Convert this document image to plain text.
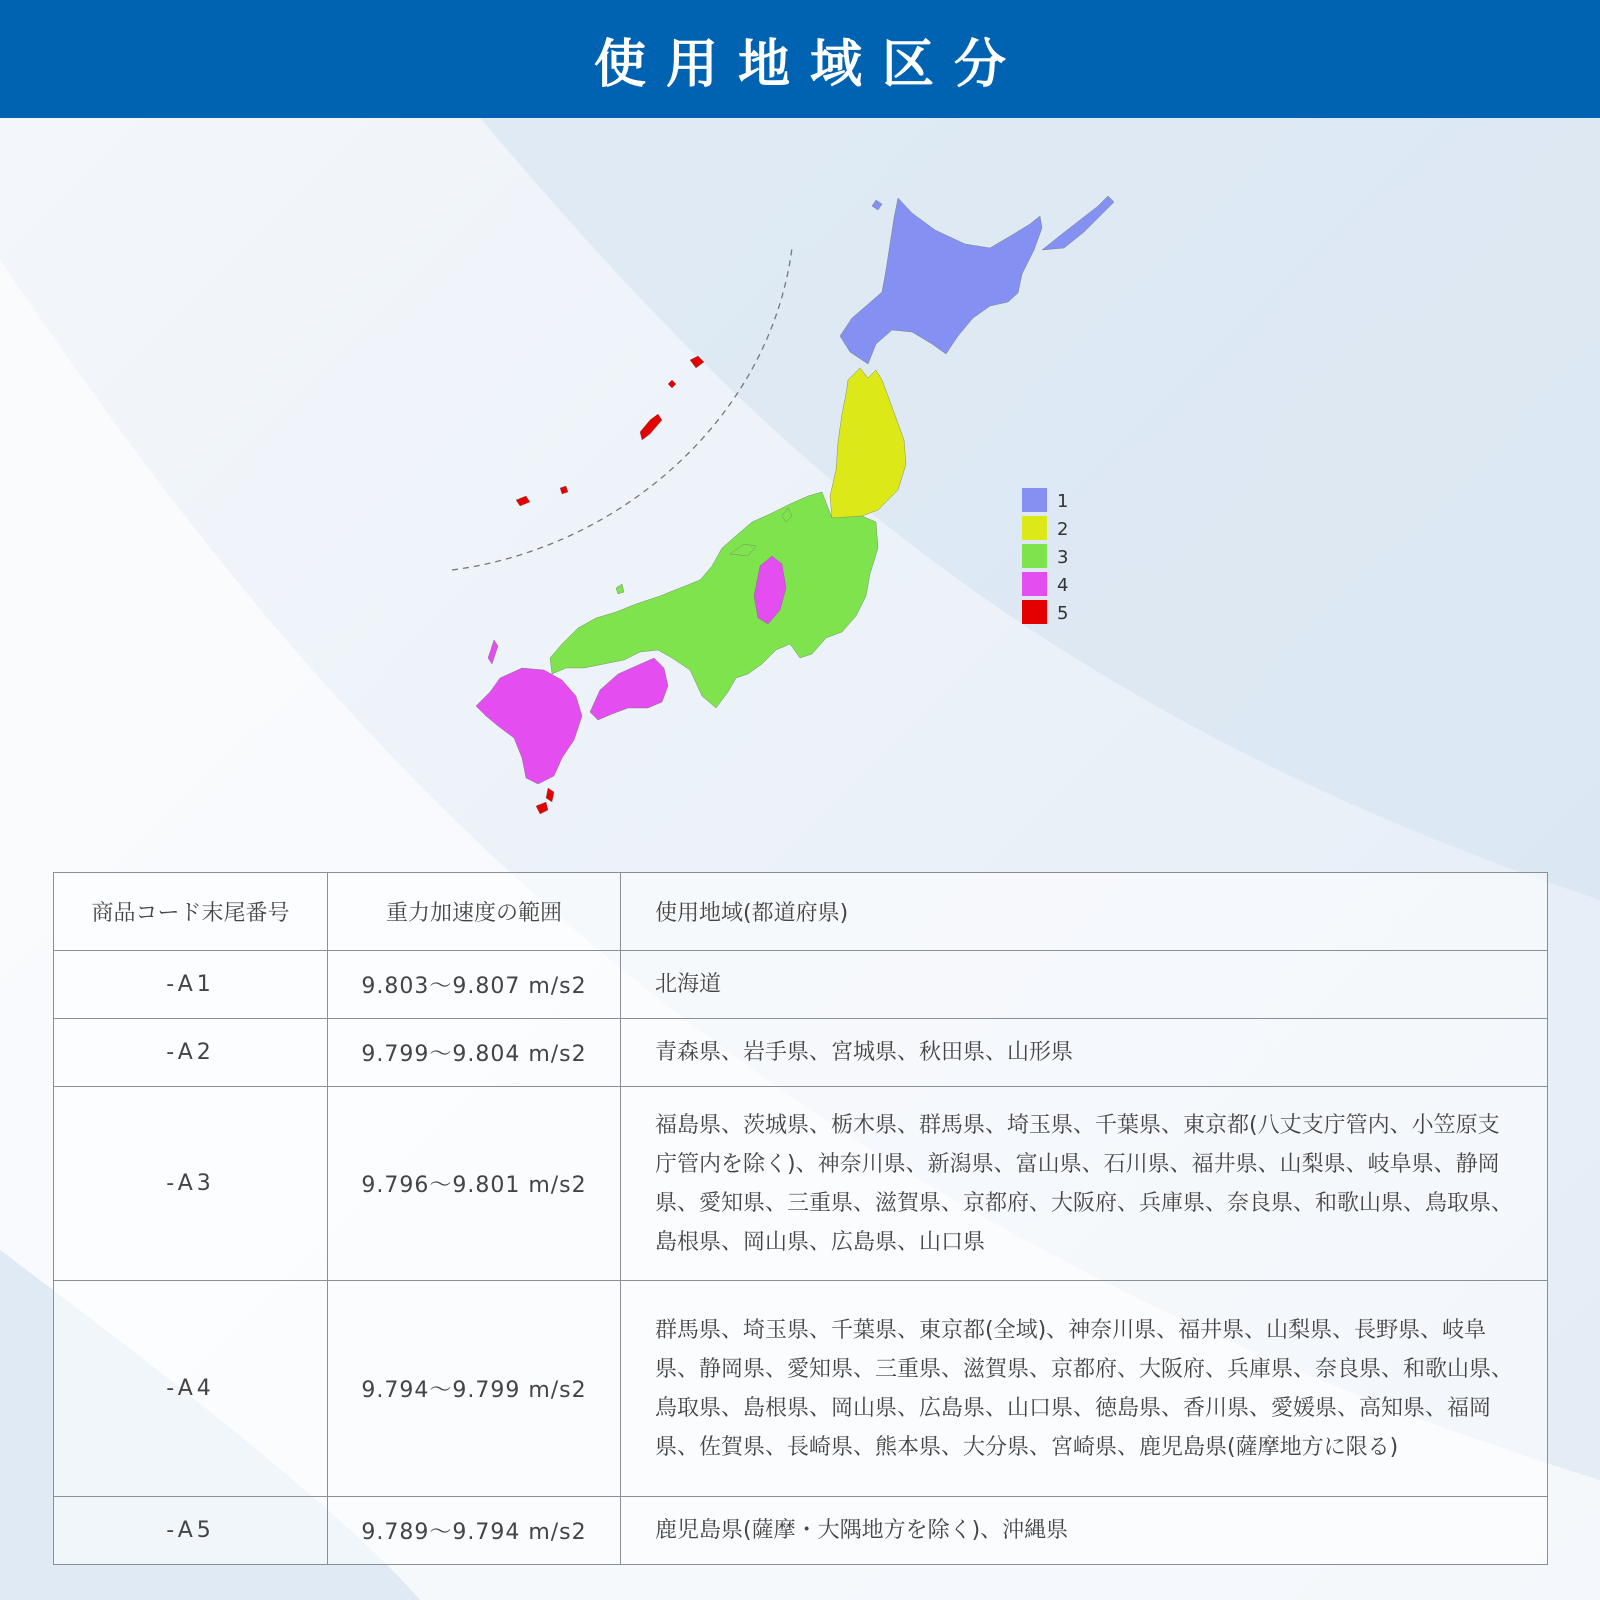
使用地域区分
1
2
3
4
5
商品コード末尾番号	重力加速度の範囲	使用地域(都道府県)
-A1	9.803〜9.807 m/s2	北海道
-A2	9.799〜9.804 m/s2	青森県、岩手県、宮城県、秋田県、山形県
-A3	9.796〜9.801 m/s2	福島県、茨城県、栃木県、群馬県、埼玉県、千葉県、東京都(八丈支庁管内、小笠原支庁管内を除く)、神奈川県、新潟県、富山県、石川県、福井県、山梨県、岐阜県、静岡県、愛知県、三重県、滋賀県、京都府、大阪府、兵庫県、奈良県、和歌山県、鳥取県、島根県、岡山県、広島県、山口県
-A4	9.794〜9.799 m/s2	群馬県、埼玉県、千葉県、東京都(全域)、神奈川県、福井県、山梨県、長野県、岐阜県、静岡県、愛知県、三重県、滋賀県、京都府、大阪府、兵庫県、奈良県、和歌山県、鳥取県、島根県、岡山県、広島県、山口県、徳島県、香川県、愛媛県、高知県、福岡県、佐賀県、長崎県、熊本県、大分県、宮崎県、鹿児島県(薩摩地方に限る)
-A5	9.789〜9.794 m/s2	鹿児島県(薩摩・大隅地方を除く)、沖縄県
